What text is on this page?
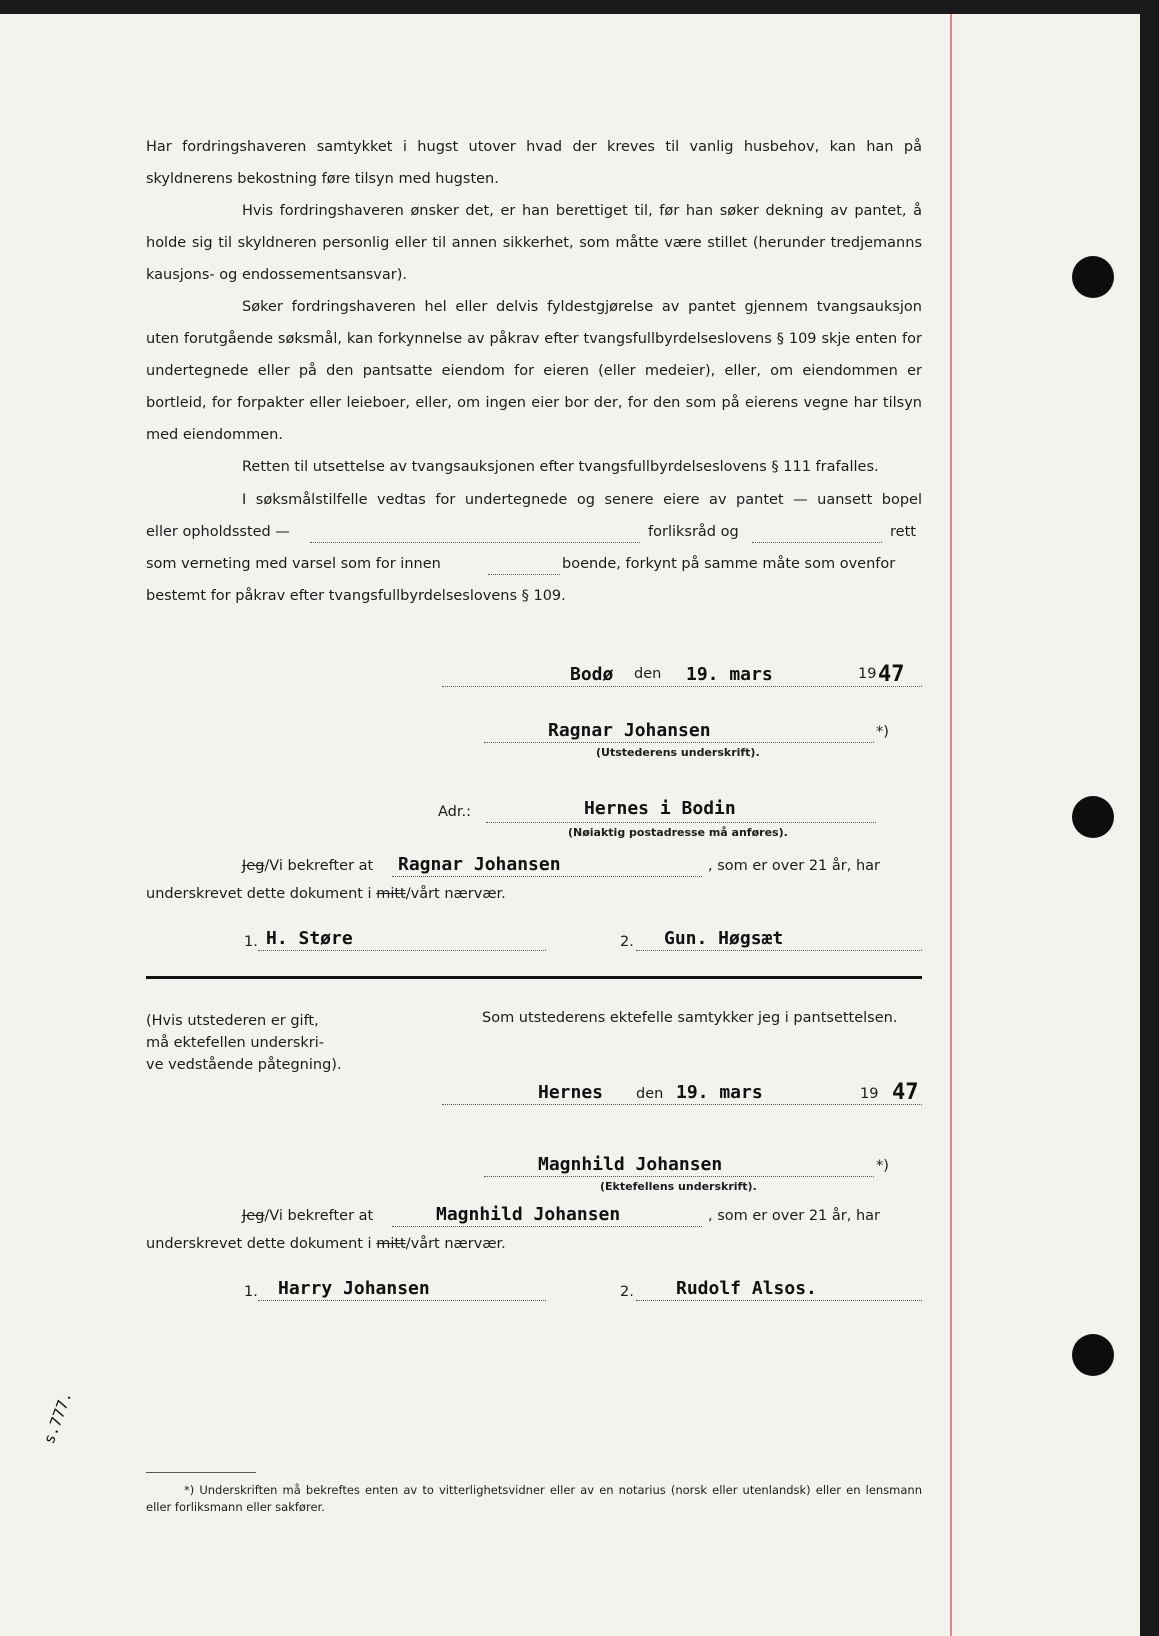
Har fordringshaveren samtykket i hugst utover hvad der kreves til vanlig husbehov, kan han på skyldnerens bekostning føre tilsyn med hugsten.
Hvis fordringshaveren ønsker det, er han berettiget til, før han søker dekning av pantet, å holde sig til skyldneren personlig eller til annen sikkerhet, som måtte være stillet (herunder tredjemanns kausjons- og endossementsansvar).
Søker fordringshaveren hel eller delvis fyldestgjørelse av pantet gjennem tvangsauksjon uten forutgående søksmål, kan forkynnelse av påkrav efter tvangsfullbyrdelseslovens § 109 skje enten for undertegnede eller på den pantsatte eiendom for eieren (eller medeier), eller, om eiendommen er bortleid, for forpakter eller leieboer, eller, om ingen eier bor der, for den som på eierens vegne har tilsyn med eiendommen.
Retten til utsettelse av tvangsauksjonen efter tvangsfullbyrdelseslovens § 111 frafalles.
I søksmålstilfelle vedtas for undertegnede og senere eiere av pantet — uansett bopel
eller opholdssted —	forliksråd og	rett
som verneting med varsel som for innen	boende, forkynt på samme måte som ovenfor
bestemt for påkrav efter tvangsfullbyrdelseslovens § 109.
Bodø den 19. mars	19 47
Ragnar Johansen	*)
(Utstederens underskrift).
Adr.:	Hernes i Bodin
(Nøiaktig postadresse må anføres).
Jeg/Vi bekrefter at Ragnar Johansen	, som er over 21 år, har
underskrevet dette dokument i mitt/vårt nærvær.
1. H. Støre	2. Gun. Høgsæt
(Hvis utstederen er gift,
må ektefellen underskri-
ve vedstående påtegning).
Som utstederens ektefelle samtykker jeg i pantsettelsen.
Hernes den 19. mars	19 47
Magnhild Johansen	*)
(Ektefellens underskrift).
Jeg/Vi bekrefter at	Magnhild Johansen	, som er over 21 år, har
underskrevet dette dokument i mitt/vårt nærvær.
1. Harry Johansen	2. Rudolf Alsos.
s.777.
*) Underskriften må bekreftes enten av to vitterlighetsvidner eller av en notarius (norsk eller utenlandsk) eller en lensmann eller forliksmann eller sakfører.
